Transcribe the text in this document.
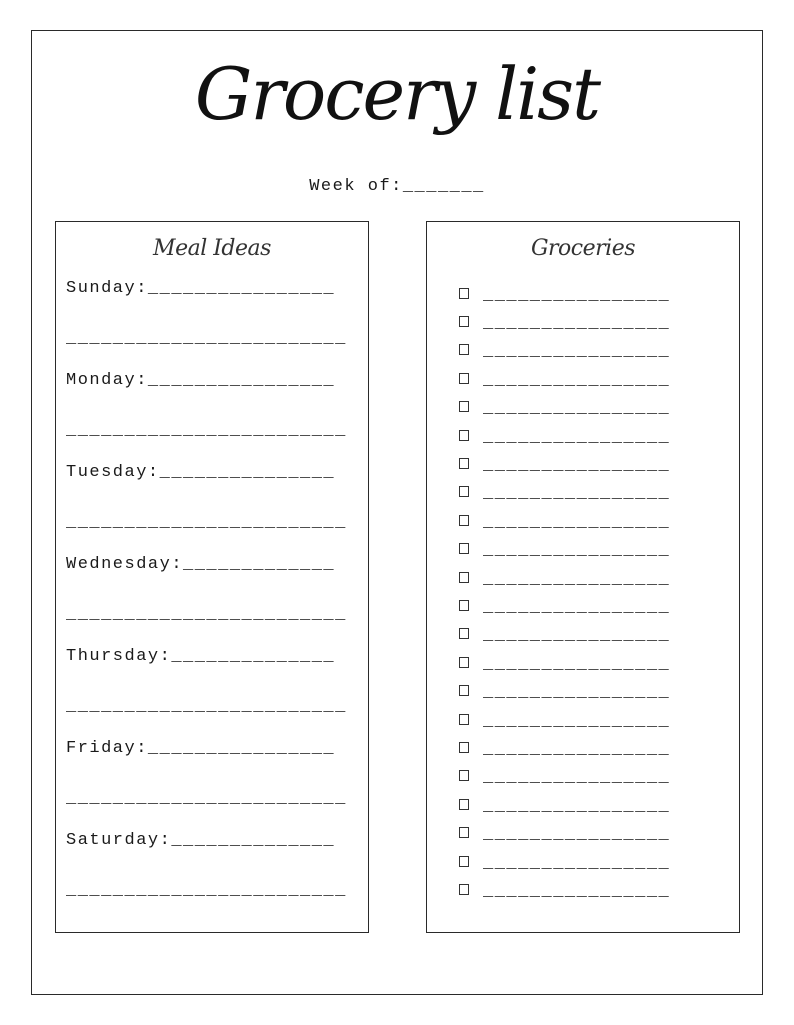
Grocery list
Week of:_______
Meal Ideas
Sunday:________________
________________________
Monday:________________
________________________
Tuesday:_______________
________________________
Wednesday:_____________
________________________
Thursday:______________
________________________
Friday:________________
________________________
Saturday:______________
________________________
Groceries
________________
________________
________________
________________
________________
________________
________________
________________
________________
________________
________________
________________
________________
________________
________________
________________
________________
________________
________________
________________
________________
________________
